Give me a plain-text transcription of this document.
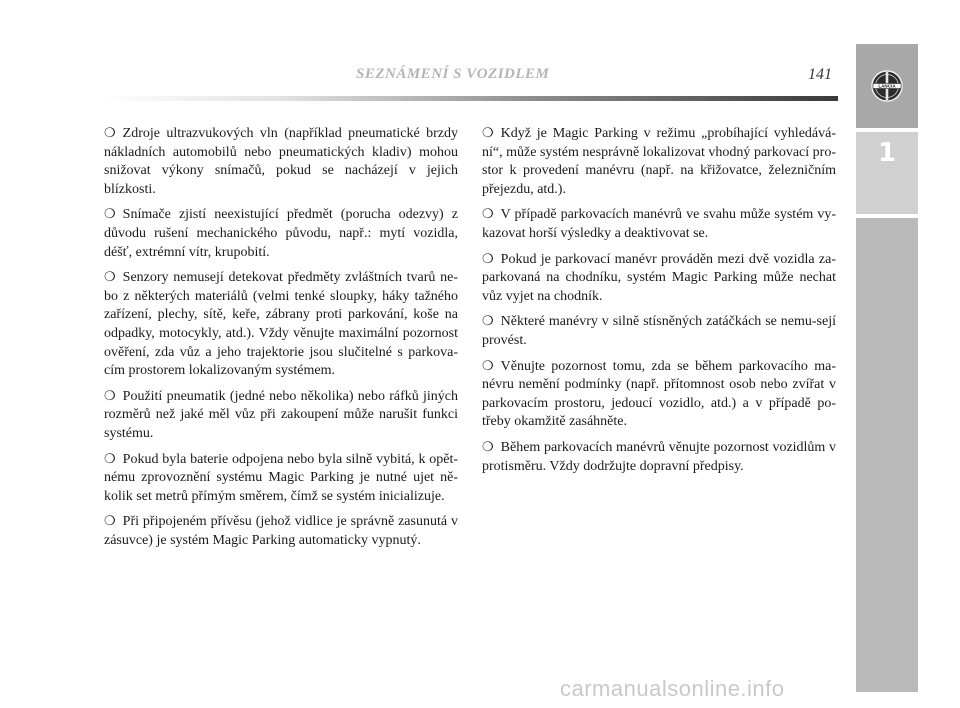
SEZNÁMENÍ S VOZIDLEM	141
LANCIA
1

❍ Zdroje ultrazvukových vln (například pneumatické brzdy nákladních automobilů nebo pneumatických kladiv) mohou snižovat výkony snímačů, pokud se nacházejí v jejich blízkosti.

❍ Snímače zjistí neexistující předmět (porucha odezvy) z důvodu rušení mechanického původu, např.: mytí vozidla, déšť, extrémní vítr, krupobití.

❍ Senzory nemusejí detekovat předměty zvláštních tvarů ne-bo z některých materiálů (velmi tenké sloupky, háky tažného zařízení, plechy, sítě, keře, zábrany proti parkování, koše na odpadky, motocykly, atd.). Vždy věnujte maximální pozornost ověření, zda vůz a jeho trajektorie jsou slučitelné s parkova-cím prostorem lokalizovaným systémem.

❍ Použití pneumatik (jedné nebo několika) nebo ráfků jiných rozměrů než jaké měl vůz při zakoupení může narušit funkci systému.

❍ Pokud byla baterie odpojena nebo byla silně vybitá, k opět-nému zprovoznění systému Magic Parking je nutné ujet ně-kolik set metrů přímým směrem, čímž se systém inicializuje.

❍ Při připojeném přívěsu (jehož vidlice je správně zasunutá v zásuvce) je systém Magic Parking automaticky vypnutý.

❍ Když je Magic Parking v režimu „probíhající vyhledává-ní“, může systém nesprávně lokalizovat vhodný parkovací pro-stor k provedení manévru (např. na křižovatce, železničním přejezdu, atd.).

❍ V případě parkovacích manévrů ve svahu může systém vy-kazovat horší výsledky a deaktivovat se.

❍ Pokud je parkovací manévr prováděn mezi dvě vozidla za-parkovaná na chodníku, systém Magic Parking může nechat vůz vyjet na chodník.

❍ Některé manévry v silně stísněných zatáčkách se nemu-sejí provést.

❍ Věnujte pozornost tomu, zda se během parkovacího ma-névru nemění podmínky (např. přítomnost osob nebo zvířat v parkovacím prostoru, jedoucí vozidlo, atd.) a v případě po-třeby okamžitě zasáhněte.

❍ Během parkovacích manévrů věnujte pozornost vozidlům v protisměru. Vždy dodržujte dopravní předpisy.

carmanualsonline.info
